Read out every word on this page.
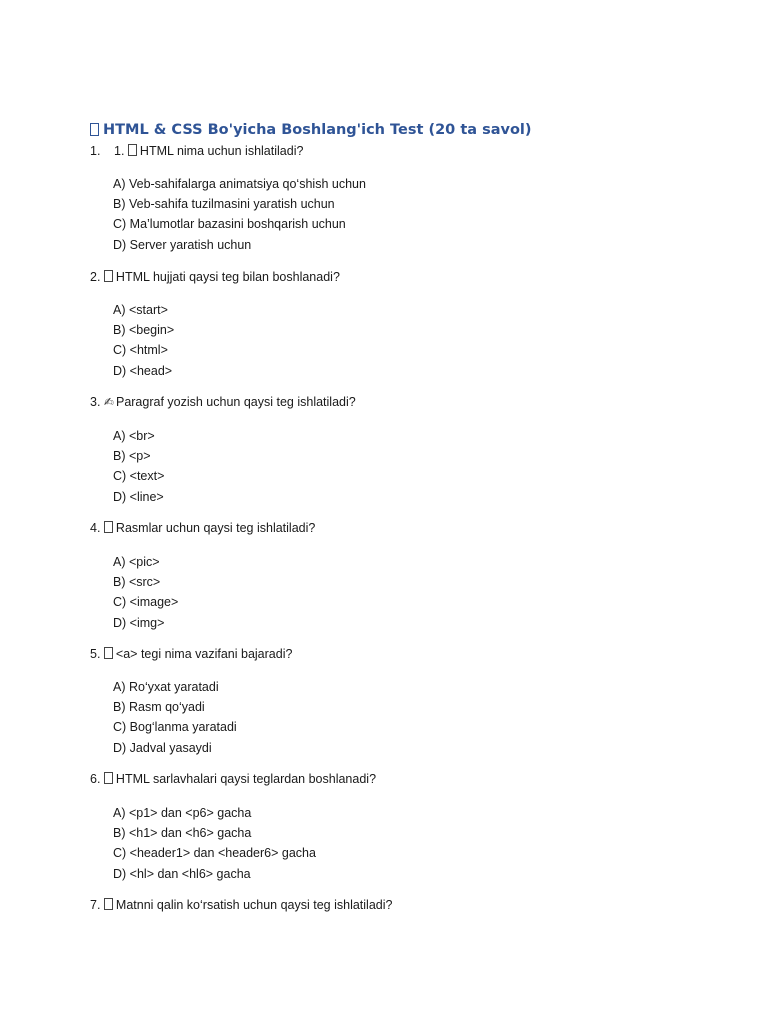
HTML & CSS Bo'yicha Boshlang'ich Test (20 ta savol)
1. 1. HTML nima uchun ishlatiladi?
A) Veb-sahifalarga animatsiya qo‘shish uchun
B) Veb-sahifa tuzilmasini yaratish uchun
C) Ma’lumotlar bazasini boshqarish uchun
D) Server yaratish uchun
2. HTML hujjati qaysi teg bilan boshlanadi?
A) <start>
B) <begin>
C) <html>
D) <head>
3. ✍ Paragraf yozish uchun qaysi teg ishlatiladi?
A) <br>
B) <p>
C) <text>
D) <line>
4. Rasmlar uchun qaysi teg ishlatiladi?
A) <pic>
B) <src>
C) <image>
D) <img>
5. <a> tegi nima vazifani bajaradi?
A) Ro‘yxat yaratadi
B) Rasm qo‘yadi
C) Bog‘lanma yaratadi
D) Jadval yasaydi
6. HTML sarlavhalari qaysi teglardan boshlanadi?
A) <p1> dan <p6> gacha
B) <h1> dan <h6> gacha
C) <header1> dan <header6> gacha
D) <hl> dan <hl6> gacha
7. Matnni qalin ko‘rsatish uchun qaysi teg ishlatiladi?
